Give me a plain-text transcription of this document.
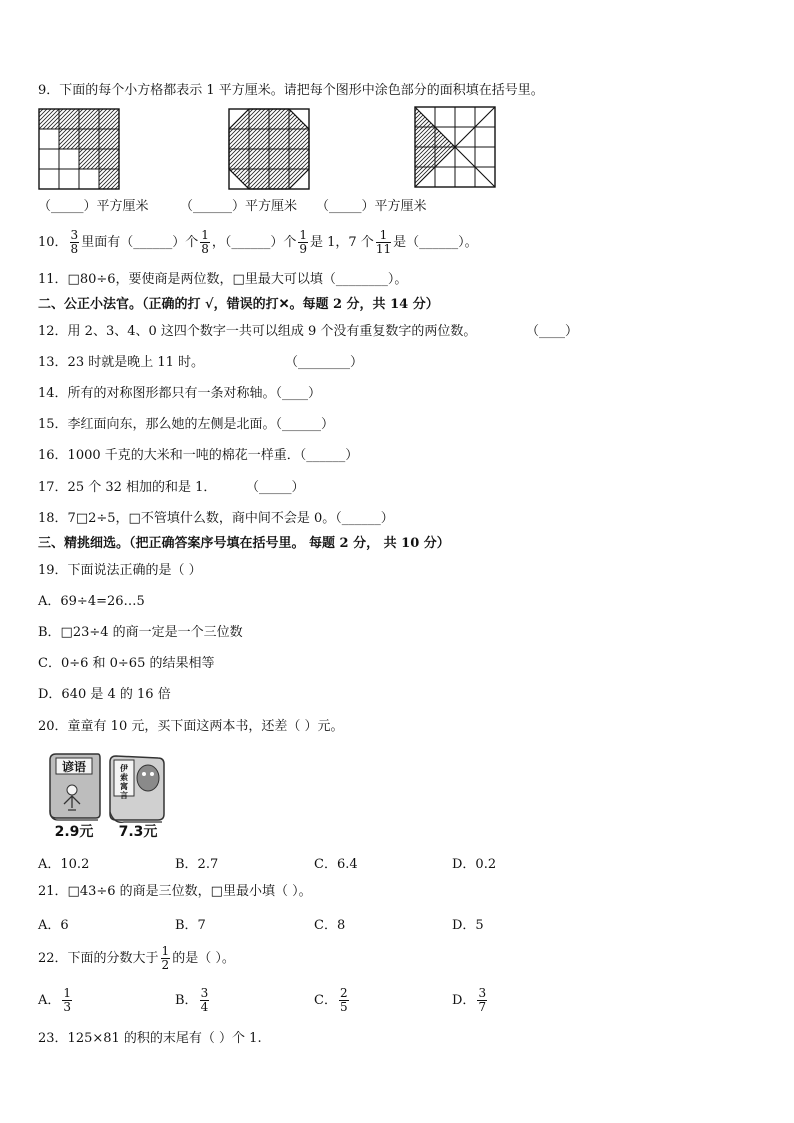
9．下面的每个小方格都表示 1 平方厘米。请把每个图形中涂色部分的面积填在括号里。
（_____）平方厘米 （______）平方厘米 （_____）平方厘米
10． $\frac{3}{8}$ 里面有（______）个 $\frac{1}{8}$ ，（______）个 $\frac{1}{9}$ 是 1，7 个 $\frac{1}{11}$ 是（______）。
11．□80÷6，要使商是两位数，□里最大可以填（________）。
二、公正小法官。（正确的打 √，错误的打✕。每题 2 分，共 14 分）
12．用 2、3、4、0 这四个数字一共可以组成 9 个没有重复数字的两位数。	（____）
13．23 时就是晚上 11 时。	（________）
14．所有的对称图形都只有一条对称轴。（____）
15．李红面向东，那么她的左侧是北面。（______）
16．1000 千克的大米和一吨的棉花一样重．（______）
17．25 个 32 相加的和是 1． （_____）
18．7□2÷5，□不管填什么数，商中间不会是 0。（______）
三、精挑细选。（把正确答案序号填在括号里。 每题 2 分， 共 10 分）
19．下面说法正确的是（ ）
A．69÷4=26…5
B．□23÷4 的商一定是一个三位数
C．0÷6 和 0÷65 的结果相等
D．640 是 4 的 16 倍
20．童童有 10 元，买下面这两本书，还差（ ）元。
谚语	伊
索
寓
言
伊索寓言
2.9元 7.3元
A．10.2	B．2.7	C．6.4	D．0.2
21．□43÷6 的商是三位数，□里最小填（ ）。
A．6	B．7	C．8	D．5
22．下面的分数大于 $\frac{1}{2}$ 的是（ ）。
A． $\frac{1}{3}$	B． $\frac{3}{4}$	C． $\frac{2}{5}$	D． $\frac{3}{7}$
23．125×81 的积的末尾有（ ）个 1.
